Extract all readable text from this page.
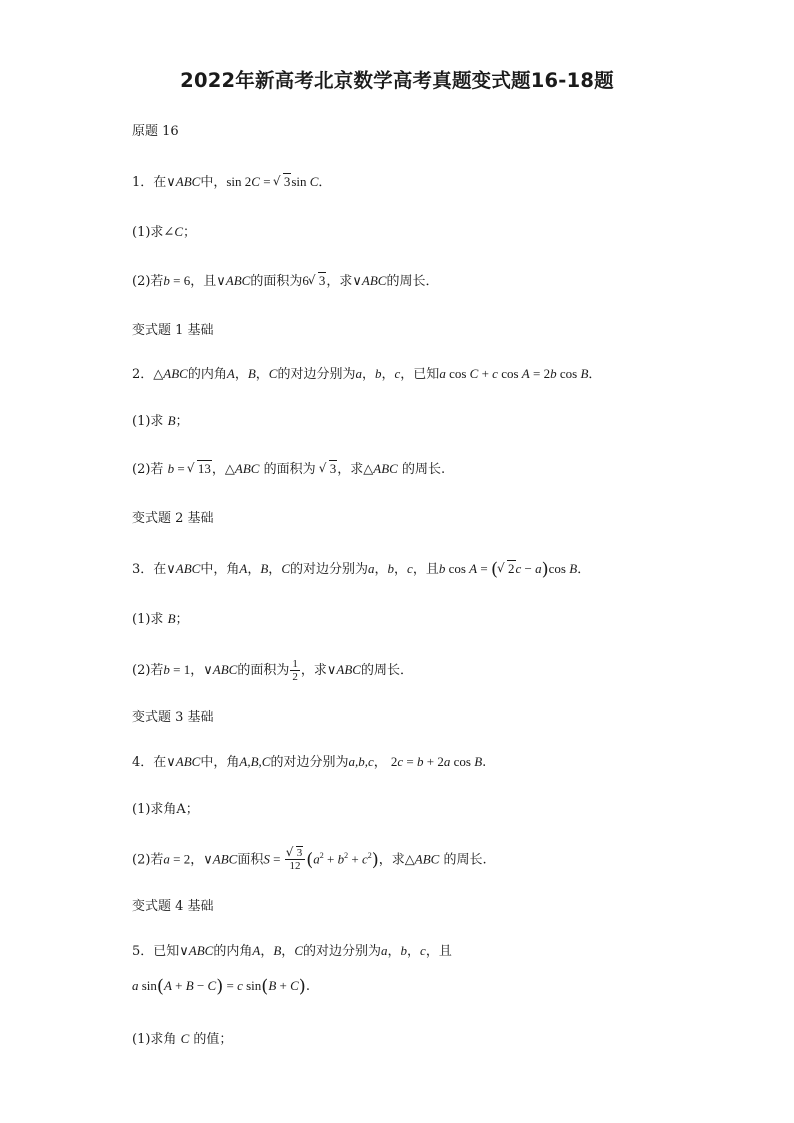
2022年新高考北京数学高考真题变式题16-18题
原题 16
1．在∨ABC中，sin 2C = √ 3sin C．
(1)求∠C；
(2)若b = 6，且∨ABC的面积为6 √ 3，求∨ABC的周长．
变式题 1 基础
2．△ABC的内角A，B，C的对边分别为a，b，c，已知a cos C + c cos A = 2b cos B．
(1)求 B；
(2)若 b = √ 13，△ABC 的面积为 √ 3，求△ABC 的周长.
变式题 2 基础
3．在∨ABC中，角A，B，C的对边分别为a，b，c，且b cos A = ( √ 2c − a)cos B．
(1)求 B；
(2)若b = 1，∨ABC的面积为 $\frac{1}{2}$ ，求∨ABC的周长．
变式题 3 基础
4．在∨ABC中，角A,B,C的对边分别为a,b,c， 2c = b + 2a cos B.
(1)求角A；
(2)若a = 2，∨ABC面积S = √ $\frac{3}{12} (a^2 + b^2 + c^2)$，求△ABC 的周长.
变式题 4 基础
5．已知∨ABC的内角A，B，C的对边分别为a，b，c，且
a sin(A + B − C) = c sin(B + C).
(1)求角 C 的值；
